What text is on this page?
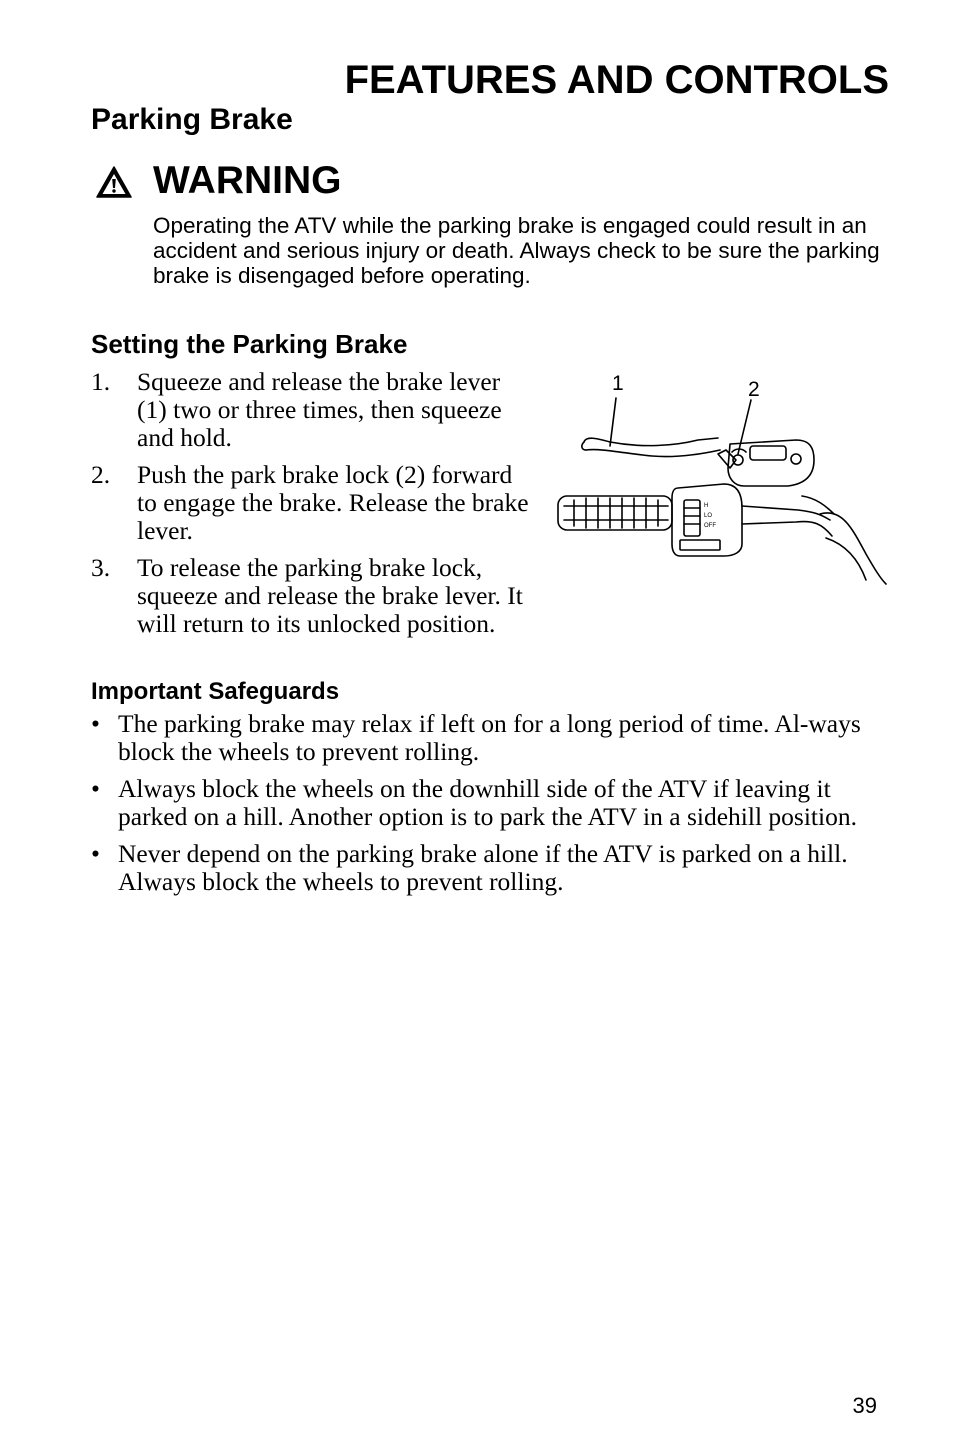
FEATURES AND CONTROLS
Parking Brake
WARNING

Operating the ATV while the parking brake is engaged could result in an accident and serious injury or death. Always check to be sure the parking brake is disengaged before operating.

Setting the Parking Brake
1. Squeeze and release the brake lever (1) two or three times, then squeeze and hold.
2. Push the park brake lock (2) forward to engage the brake. Release the brake lever.
3. To release the parking brake lock, squeeze and release the brake lever. It will return to its unlocked position.
1	2
H
LO
OFF
Important Safeguards
• The parking brake may relax if left on for a long period of time. Al-ways block the wheels to prevent rolling.
• Always block the wheels on the downhill side of the ATV if leaving it parked on a hill. Another option is to park the ATV in a sidehill position.
• Never depend on the parking brake alone if the ATV is parked on a hill. Always block the wheels to prevent rolling.
39
